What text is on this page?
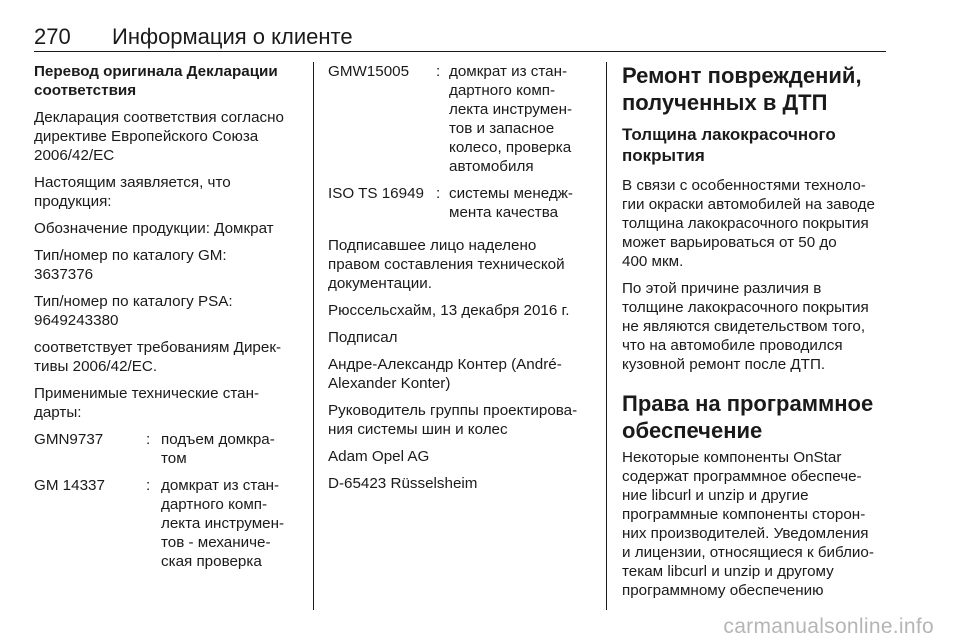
270 Информация о клиенте
Перевод оригинала Декларации
соответствия
Декларация соответствия согласно
директиве Европейского Союза
2006/42/EC
Настоящим заявляется, что
продукция:
Обозначение продукции: Домкрат
Тип/номер по каталогу GM:
3637376
Тип/номер по каталогу PSA:
9649243380
соответствует требованиям Дирек-
тивы 2006/42/EC.
Применимые технические стан-
дарты:
GMN9737	: подъем домкра-
том
GM 14337	: домкрат из стан-
дартного комп-
лекта инструмен-
тов - механиче-
ская проверка
GMW15005	: домкрат из стан-
дартного комп-
лекта инструмен-
тов и запасное
колесо, проверка
автомобиля
ISO TS 16949 : системы менедж-
мента качества
Подписавшее лицо наделено
правом составления технической
документации.
Рюссельсхайм, 13 декабря 2016 г.
Подписал
Андре-Александр Контер (André-
Alexander Konter)
Руководитель группы проектирова-
ния системы шин и колес
Adam Opel AG
D-65423 Rüsselsheim
Ремонт повреждений,
полученных в ДТП
Толщина лакокрасочного
покрытия
В связи с особенностями техноло-
гии окраски автомобилей на заводе
толщина лакокрасочного покрытия
может варьироваться от 50 до
400 мкм.
По этой причине различия в
толщине лакокрасочного покрытия
не являются свидетельством того,
что на автомобиле проводился
кузовной ремонт после ДТП.
Права на программное
обеспечение
Некоторые компоненты OnStar
содержат программное обеспече-
ние libcurl и unzip и другие
программные компоненты сторон-
них производителей. Уведомления
и лицензии, относящиеся к библио-
текам libcurl и unzip и другому
программному обеспечению
carmanualsonline.info
